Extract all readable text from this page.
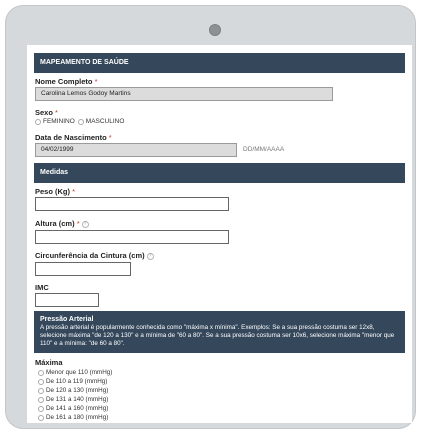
MAPEAMENTO DE SAÚDE
Nome Completo *
Carolina Lemos Godoy Martins
Sexo *
FEMININO MASCULINO
Data de Nascimento *
04/02/1999	DD/MM/AAAA
Medidas
Peso (Kg) *
Altura (cm) * ?
Circunferência da Cintura (cm) ?
IMC
Pressão Arterial
A pressão arterial é popularmente conhecida como "máxima x mínima". Exemplos: Se a sua pressão costuma ser 12x8, selecione máxima "de 120 a 130" e a mínima de "60 a 80". Se a sua pressão costuma ser 10x6, selecione máxima "menor que 110" e a mínima: "de 60 a 80".
Máxima
Menor que 110 (mmHg)
De 110 a 119 (mmHg)
De 120 a 130 (mmHg)
De 131 a 140 (mmHg)
De 141 a 160 (mmHg)
De 161 a 180 (mmHg)
